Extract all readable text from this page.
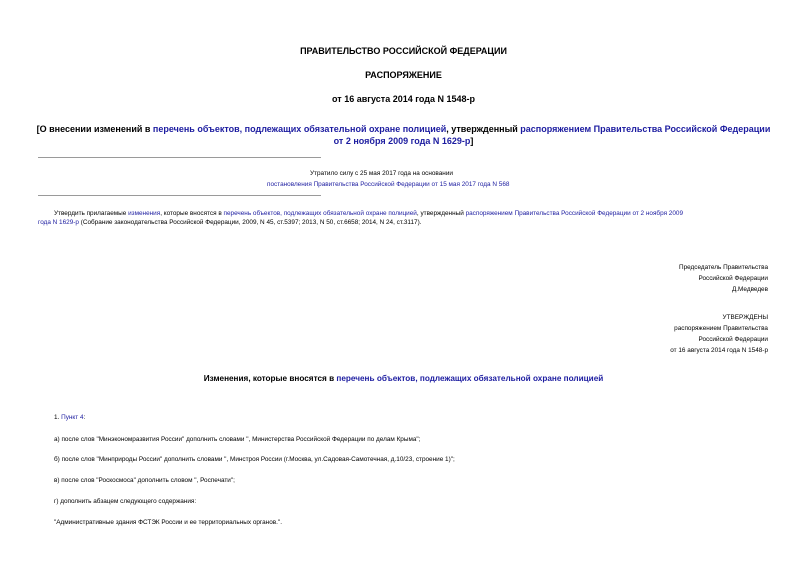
ПРАВИТЕЛЬСТВО РОССИЙСКОЙ ФЕДЕРАЦИИ
РАСПОРЯЖЕНИЕ
от 16 августа 2014 года N 1548-р
[О внесении изменений в перечень объектов, подлежащих обязательной охране полицией, утвержденный распоряжением Правительства Российской Федерации
от 2 ноября 2009 года N 1629-р]
Утратило силу с 25 мая 2017 года на основании
постановления Правительства Российской Федерации от 15 мая 2017 года N 568
Утвердить прилагаемые изменения, которые вносятся в перечень объектов, подлежащих обязательной охране полицией, утвержденный распоряжением Правительства Российской Федерации от 2 ноября 2009
года N 1629-р (Собрание законодательства Российской Федерации, 2009, N 45, ст.5397; 2013, N 50, ст.6658; 2014, N 24, ст.3117).
Председатель Правительства
Российской Федерации
Д.Медведев
УТВЕРЖДЕНЫ
распоряжением Правительства
Российской Федерации
от 16 августа 2014 года N 1548-р
Изменения, которые вносятся в перечень объектов, подлежащих обязательной охране полицией
1. Пункт 4:
а) после слов "Минэкономразвития России" дополнить словами ", Министерства Российской Федерации по делам Крыма";
б) после слов "Минприроды России" дополнить словами ", Минстроя России (г.Москва, ул.Садовая-Самотечная, д.10/23, строение 1)";
в) после слов "Роскосмоса" дополнить словом ", Роспечати";
г) дополнить абзацем следующего содержания:
"Административные здания ФСТЭК России и ее территориальных органов.".
